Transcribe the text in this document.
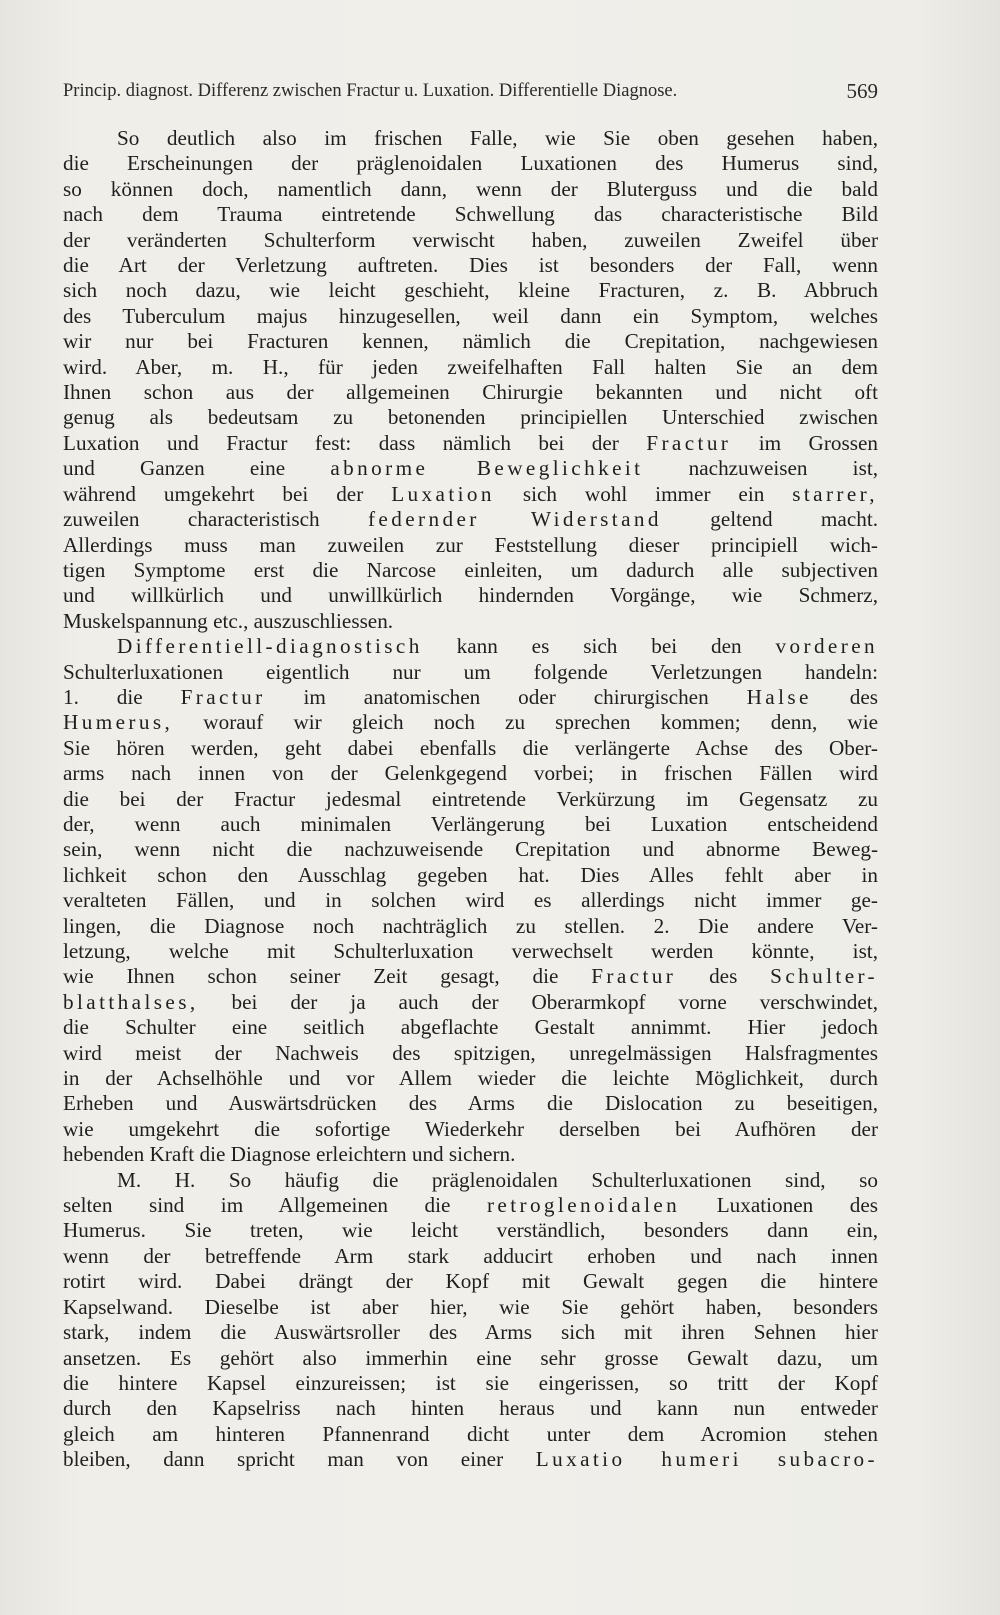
Princip. diagnost. Differenz zwischen Fractur u. Luxation. Differentielle Diagnose.	569
So deutlich also im frischen Falle, wie Sie oben gesehen haben,
die Erscheinungen der präglenoidalen Luxationen des Humerus sind,
so können doch, namentlich dann, wenn der Bluterguss und die bald
nach dem Trauma eintretende Schwellung das characteristische Bild
der veränderten Schulterform verwischt haben, zuweilen Zweifel über
die Art der Verletzung auftreten. Dies ist besonders der Fall, wenn
sich noch dazu, wie leicht geschieht, kleine Fracturen, z. B. Abbruch
des Tuberculum majus hinzugesellen, weil dann ein Symptom, welches
wir nur bei Fracturen kennen, nämlich die Crepitation, nachgewiesen
wird. Aber, m. H., für jeden zweifelhaften Fall halten Sie an dem
Ihnen schon aus der allgemeinen Chirurgie bekannten und nicht oft
genug als bedeutsam zu betonenden principiellen Unterschied zwischen
Luxation und Fractur fest: dass nämlich bei der Fractur im Grossen
und Ganzen eine abnorme Beweglichkeit nachzuweisen ist,
während umgekehrt bei der Luxation sich wohl immer ein starrer,
zuweilen characteristisch federnder Widerstand geltend macht.
Allerdings muss man zuweilen zur Feststellung dieser principiell wich-
tigen Symptome erst die Narcose einleiten, um dadurch alle subjectiven
und willkürlich und unwillkürlich hindernden Vorgänge, wie Schmerz,
Muskelspannung etc., auszuschliessen.
Differentiell-diagnostisch kann es sich bei den vorderen
Schulterluxationen eigentlich nur um folgende Verletzungen handeln:
1. die Fractur im anatomischen oder chirurgischen Halse des
Humerus, worauf wir gleich noch zu sprechen kommen; denn, wie
Sie hören werden, geht dabei ebenfalls die verlängerte Achse des Ober-
arms nach innen von der Gelenkgegend vorbei; in frischen Fällen wird
die bei der Fractur jedesmal eintretende Verkürzung im Gegensatz zu
der, wenn auch minimalen Verlängerung bei Luxation entscheidend
sein, wenn nicht die nachzuweisende Crepitation und abnorme Beweg-
lichkeit schon den Ausschlag gegeben hat. Dies Alles fehlt aber in
veralteten Fällen, und in solchen wird es allerdings nicht immer ge-
lingen, die Diagnose noch nachträglich zu stellen. 2. Die andere Ver-
letzung, welche mit Schulterluxation verwechselt werden könnte, ist,
wie Ihnen schon seiner Zeit gesagt, die Fractur des Schulter-
blatthalses, bei der ja auch der Oberarmkopf vorne verschwindet,
die Schulter eine seitlich abgeflachte Gestalt annimmt. Hier jedoch
wird meist der Nachweis des spitzigen, unregelmässigen Halsfragmentes
in der Achselhöhle und vor Allem wieder die leichte Möglichkeit, durch
Erheben und Auswärtsdrücken des Arms die Dislocation zu beseitigen,
wie umgekehrt die sofortige Wiederkehr derselben bei Aufhören der
hebenden Kraft die Diagnose erleichtern und sichern.
M. H. So häufig die präglenoidalen Schulterluxationen sind, so
selten sind im Allgemeinen die retroglenoidalen Luxationen des
Humerus. Sie treten, wie leicht verständlich, besonders dann ein,
wenn der betreffende Arm stark adducirt erhoben und nach innen
rotirt wird. Dabei drängt der Kopf mit Gewalt gegen die hintere
Kapselwand. Dieselbe ist aber hier, wie Sie gehört haben, besonders
stark, indem die Auswärtsroller des Arms sich mit ihren Sehnen hier
ansetzen. Es gehört also immerhin eine sehr grosse Gewalt dazu, um
die hintere Kapsel einzureissen; ist sie eingerissen, so tritt der Kopf
durch den Kapselriss nach hinten heraus und kann nun entweder
gleich am hinteren Pfannenrand dicht unter dem Acromion stehen
bleiben, dann spricht man von einer Luxatio humeri subacro-
